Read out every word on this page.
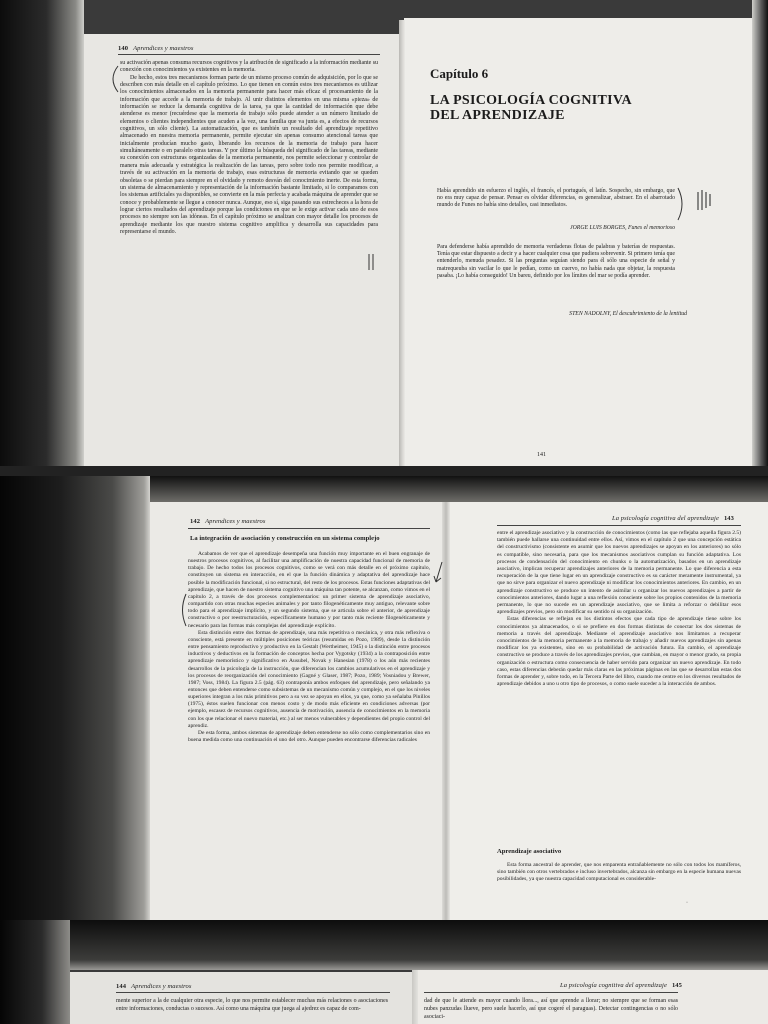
140 Aprendices y maestros

su activación apenas consuma recursos cognitivos y la atribución de significado a la información mediante su conexión con conocimientos ya existentes en la memoria.

De hecho, estos tres mecanismos forman parte de un mismo proceso común de adquisición, por lo que se describen con más detalle en el capítulo próximo. Lo que tienen en común estos tres mecanismos es utilizar los conocimientos almacenados en la memoria permanente para hacer más eficaz el procesamiento de la información que accede a la memoria de trabajo. Al unir distintos elementos en una misma «pieza» de información se reduce la demanda cognitiva de la tarea, ya que la cantidad de información que debe atenderse es menor (recuérdese que la memoria de trabajo sólo puede atender a un número limitado de elementos o clientes independientes que acuden a la vez, una familia que va junta es, a efectos de recursos cognitivos, un sólo cliente). La automatización, que es también un resultado del aprendizaje repetitivo almacenado en nuestra memoria permanente, permite ejecutar sin apenas consumo atencional tareas que inicialmente producían mucho gasto, liberando los recursos de la memoria de trabajo para hacer simultáneamente o en paralelo otras tareas. Y por último la búsqueda del significado de las tareas, mediante su conexión con estructuras organizadas de la memoria permanente, nos permite seleccionar y controlar de manera más adecuada y estratégica la realización de las tareas, pero sobre todo nos permite modificar, a través de su activación en la memoria de trabajo, esas estructuras de memoria evitando que se queden obsoletas o se pierdan para siempre en el olvidado y remoto desván del conocimiento inerte. De esta forma, un sistema de almacenamiento y representación de la información bastante limitado, si lo comparamos con los sistemas artificiales ya disponibles, se convierte en la más perfecta y acabada máquina de aprender que se conoce y probablemente se llegue a conocer nunca. Aunque, eso sí, siga pasando sus estrecheces a la hora de lograr ciertos resultados del aprendizaje porque las condiciones en que se le exige activar cada uno de esos procesos no siempre son las idóneas. En el capítulo próximo se analizan con mayor detalle los procesos de aprendizaje mediante los que nuestro sistema cognitivo amplifica y desarrolla sus capacidades para representarse el mundo.

Capítulo 6
LA PSICOLOGÍA COGNITIVA
DEL APRENDIZAJE
Había aprendido sin esfuerzo el inglés, el francés, el portugués, el latín. Sospecho, sin embargo, que no era muy capaz de pensar. Pensar es olvidar diferencias, es generalizar, abstraer. En el abarrotado mundo de Funes no había sino detalles, casi inmediatos.
JORGE LUIS BORGES, Funes el memorioso
Para defenderse había aprendido de memoria verdaderas flotas de palabras y baterías de respuestas. Tenía que estar dispuesto a decir y a hacer cualquier cosa que pudiera sobrevenir. Si primero tenía que entenderlo, menuda pesadez. Si las preguntas seguían siendo para él sólo una especie de señal y matrequeuba sin vacilar lo que le pedían, como un cuervo, no había nada que objetar, la respuesta pasaba. ¡Lo había conseguido! Un bareu, definido por los límites del mar se podía aprender.
STEN NADOLNY, El descubrimiento de la lentitud
141
142 Aprendices y maestros
La integración de asociación y construcción en un sistema complejo

Acabamos de ver que el aprendizaje desempeña una función muy importante en el buen engranaje de nuestros procesos cognitivos, al facilitar una amplificación de nuestra capacidad funcional de memoria de trabajo. De hecho todos los procesos cognitivos, como se verá con más detalle en el próximo capítulo, constituyen un sistema en interacción, en el que la función dinámica y adaptativa del aprendizaje hace posible la modificación funcional, si no estructural, del resto de los procesos. Estas funciones adaptativas del aprendizaje, que hacen de nuestro sistema cognitivo una máquina tan potente, se alcanzan, como vimos en el capítulo 2, a través de dos procesos complementarios: un primer sistema de aprendizaje asociativo, compartido con otras muchas especies animales y por tanto filogenéticamente muy antiguo, relevante sobre todo para el aprendizaje implícito, y un segundo sistema, que se articula sobre el anterior, de aprendizaje constructivo o por reestructuración, específicamente humano y por tanto más reciente filogenéticamente y necesario para las formas más complejas del aprendizaje explícito.

Esta distinción entre dos formas de aprendizaje, una más repetitiva o mecánica, y otra más reflexiva o consciente, está presente en múltiples posiciones teóricas (resumidas en Pozo, 1989), desde la distinción entre pensamiento reproductivo y productivo en la Gestalt (Wertheimer, 1945) o la distinción entre procesos inductivos y deductivos en la formación de conceptos hecha por Vygotsky (1934) a la contraposición entre aprendizaje memorístico y significativo en Ausubel, Novak y Hanesian (1978) o los aún más recientes desarrollos de la psicología de la instrucción, que diferencian los cambios acumulativos en el aprendizaje y los procesos de reorganización del conocimiento (Gagné y Glaser, 1987; Pozo, 1989; Vosniadou y Brewer, 1987; Voss, 1984). La figura 2.5 (pág. 63) contraponía ambos enfoques del aprendizaje, pero señalando ya entonces que deben entenderse como subsistemas de un mecanismo común y complejo, en el que los niveles superiores integran a los más primitivos pero a su vez se apoyan en ellos, ya que, como ya señalaba Pinillos (1975), éstos suelen funcionar con menos costo y de modo más eficiente en condiciones adversas (por ejemplo, escasez de recursos cognitivos, ausencia de motivación, ausencia de conocimientos en la memoria con los que relacionar el nuevo material, etc.) al ser menos vulnerables y dependientes del propio control del aprendiz.

De esta forma, ambos sistemas de aprendizaje deben entenderse no sólo como complementarios sino en buena medida como una continuación el uno del otro. Aunque pueden encontrarse diferencias radicales

La psicología cognitiva del aprendizaje 143

entre el aprendizaje asociativo y la construcción de conocimientos (como las que reflejaba aquella figura 2.5) también puede hallarse una continuidad entre ellos. Así, vimos en el capítulo 2 que una concepción estática del constructivismo (consistente en asumir que los nuevos aprendizajes se apoyan en los anteriores) no sólo es compatible, sino necesaria, para que los mecanismos asociativos cumplan su función adaptativa. Los procesos de condensación del conocimiento en chunks o la automatización, basados en un aprendizaje asociativo, implican recuperar aprendizajes anteriores de la memoria permanente. Lo que diferencia a esta recuperación de la que tiene lugar en un aprendizaje constructivo es su carácter meramente instrumental, ya que no sirve para organizar el nuevo aprendizaje ni modificar los conocimientos anteriores. En cambio, en un aprendizaje constructivo se produce un intento de asimilar u organizar los nuevos aprendizajes a partir de conocimientos anteriores, dando lugar a una reflexión consciente sobre los propios contenidos de la memoria permanente, lo que no sucede en un aprendizaje asociativo, que se limita a reforzar o debilitar esos aprendizajes previos, pero sin modificar su sentido ni su organización.

Estas diferencias se reflejan en los distintos efectos que cada tipo de aprendizaje tiene sobre los conocimientos ya almacenados, o si se prefiere en dos formas distintas de conectar los dos sistemas de memoria a través del aprendizaje. Mediante el aprendizaje asociativo nos limitamos a recuperar conocimientos de la memoria permanente a la memoria de trabajo y añadir nuevos aprendizajes sin apenas modificar los ya existentes, sino en su probabilidad de activación futura. En cambio, el aprendizaje constructivo se produce a través de los aprendizajes previos, que cambian, en mayor o menor grado, su propia organización o estructura como consecuencia de haber servido para organizar un nuevo aprendizaje. En todo caso, estas diferencias deberán quedar más claras en las próximas páginas en las que se desarrollan estas dos formas de aprender y, sobre todo, en la Tercera Parte del libro, cuando me centre en los diversos resultados de aprendizaje debidos a uno u otro tipo de procesos, o como suele suceder a la interacción de ambos.

Aprendizaje asociativo

Esta forma ancestral de aprender, que nos emparenta entrañablemente no sólo con todos los mamíferos, sino también con otros vertebrados e incluso invertebrados, alcanza sin embargo en la especie humana nuevas posibilidades, ya que nuestra capacidad computacional es considerable-

·
144 Aprendices y maestros
mente superior a la de cualquier otra especie, lo que nos permite establecer muchas más relaciones o asociaciones entre informaciones, conductas o sucesos. Así como una máquina que juega al ajedrez es capaz de com-
La psicología cognitiva del aprendizaje 145
dad de que le atiende es mayor cuando llora..., así que aprende a llorar; no siempre que se forman esas nubes panzudas llueve, pero suele hacerlo, así que cogeré el paraguas). Detectar contingencias o no sólo asociaci-
